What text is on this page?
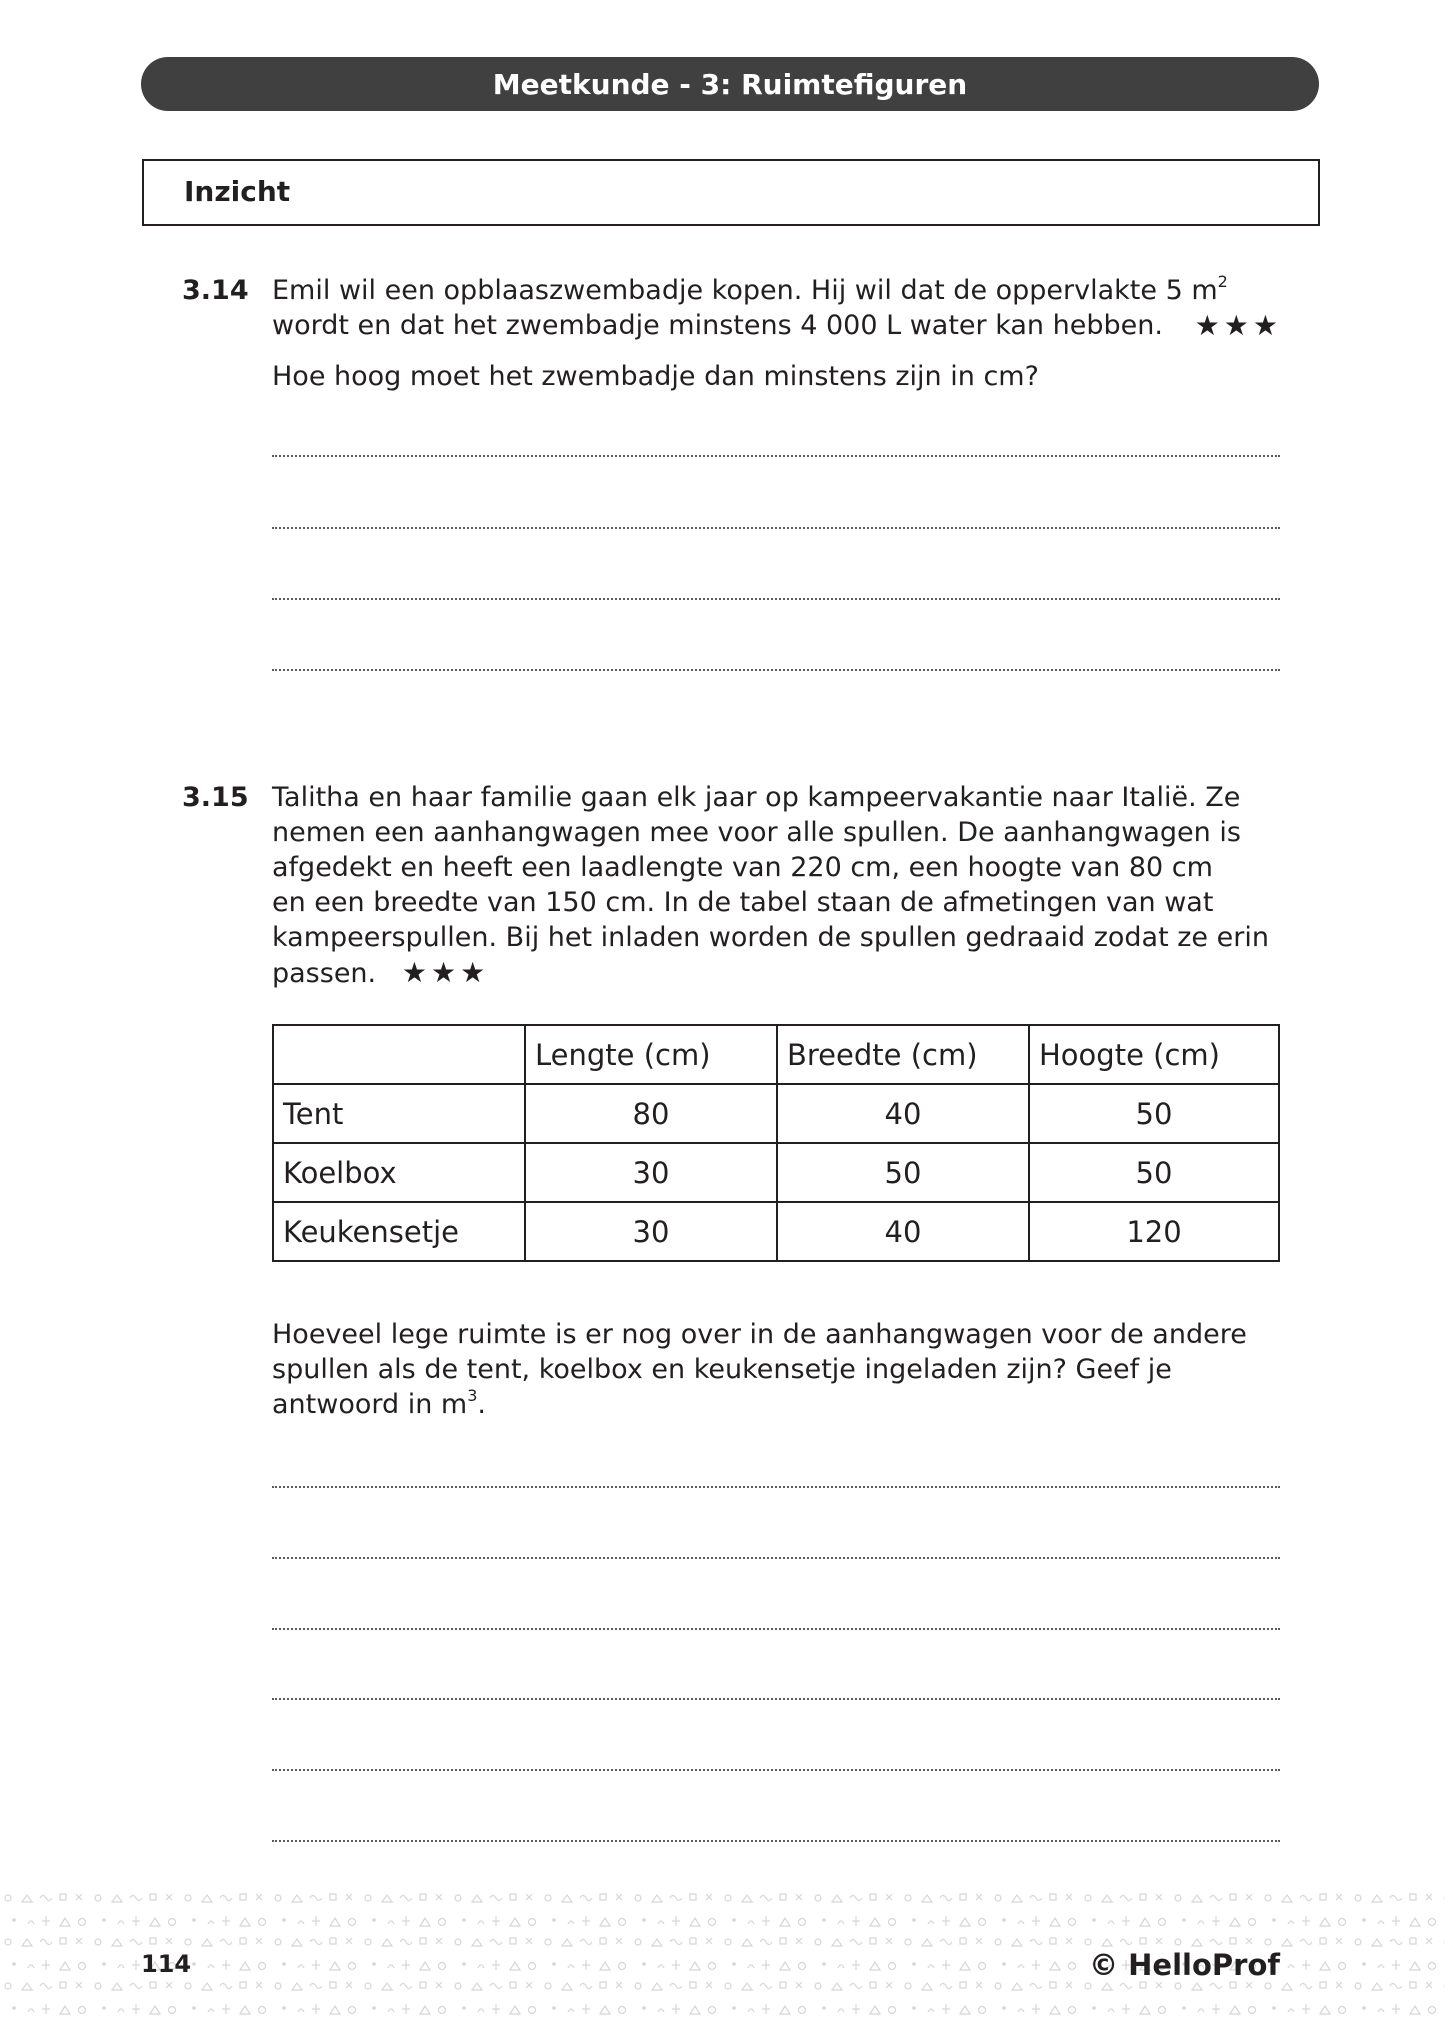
Meetkunde - 3: Ruimtefiguren
Inzicht
3.14 Emil wil een opblaaszwembadje kopen. Hij wil dat de oppervlakte 5 $m^2$
wordt en dat het zwembadje minstens 4 000 L water kan hebben. ★★★
Hoe hoog moet het zwembadje dan minstens zijn in cm?
3.15 Talitha en haar familie gaan elk jaar op kampeervakantie naar Italië. Ze
nemen een aanhangwagen mee voor alle spullen. De aanhangwagen is
afgedekt en heeft een laadlengte van 220 cm, een hoogte van 80 cm
en een breedte van 150 cm. In de tabel staan de afmetingen van wat
kampeerspullen. Bij het inladen worden de spullen gedraaid zodat ze erin
passen. ★★★
	Lengte (cm)	Breedte (cm)	Hoogte (cm)
Tent	80	40	50
Koelbox	30	50	50
Keukensetje	30	40	120
Hoeveel lege ruimte is er nog over in de aanhangwagen voor de andere
spullen als de tent, koelbox en keukensetje ingeladen zijn? Geef je
antwoord in $m^3$.
114	© HelloProf
